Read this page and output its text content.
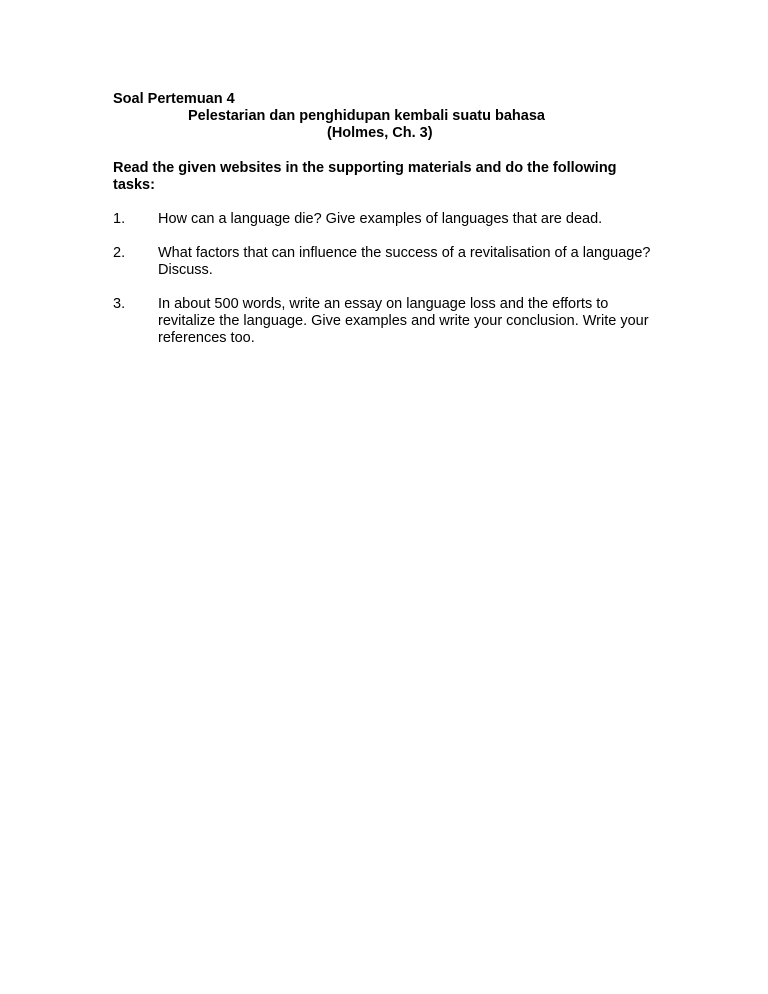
Soal Pertemuan 4

Pelestarian dan penghidupan kembali suatu bahasa

(Holmes, Ch. 3)

Read the given websites in the supporting materials and do the following tasks:

1.	How can a language die? Give examples of languages that are dead.
2.	What factors that can influence the success of a revitalisation of a language? Discuss.
3.	In about 500 words, write an essay on language loss and the efforts to revitalize the language. Give examples and write your conclusion. Write your references too.
